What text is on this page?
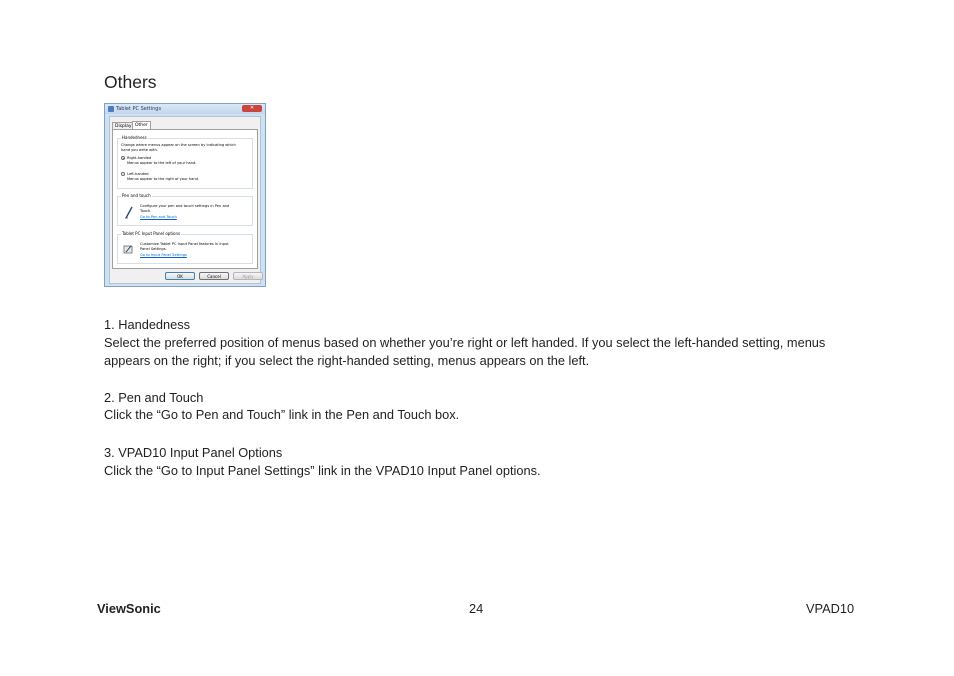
Others
Tablet PC Settings	✕
Display Other
Handedness
Change where menus appear on the screen by indicating which
hand you write with.
Right-handed
Menus appear to the left of your hand.
Left-handed
Menus appear to the right of your hand.
Pen and touch
Configure your pen and touch settings in Pen and
Touch.
Go to Pen and Touch
Tablet PC Input Panel options
Customize Tablet PC Input Panel features in Input
Panel Settings.
Go to Input Panel Settings
OK	Cancel	Apply
1. Handedness
Select the preferred position of menus based on whether you’re right or left handed. If you select the left-handed setting, menus
appears on the right; if you select the right-handed setting, menus appears on the left.
2. Pen and Touch
Click the “Go to Pen and Touch” link in the Pen and Touch box.
3. VPAD10 Input Panel Options
Click the “Go to Input Panel Settings” link in the VPAD10 Input Panel options.
ViewSonic	24	VPAD10
